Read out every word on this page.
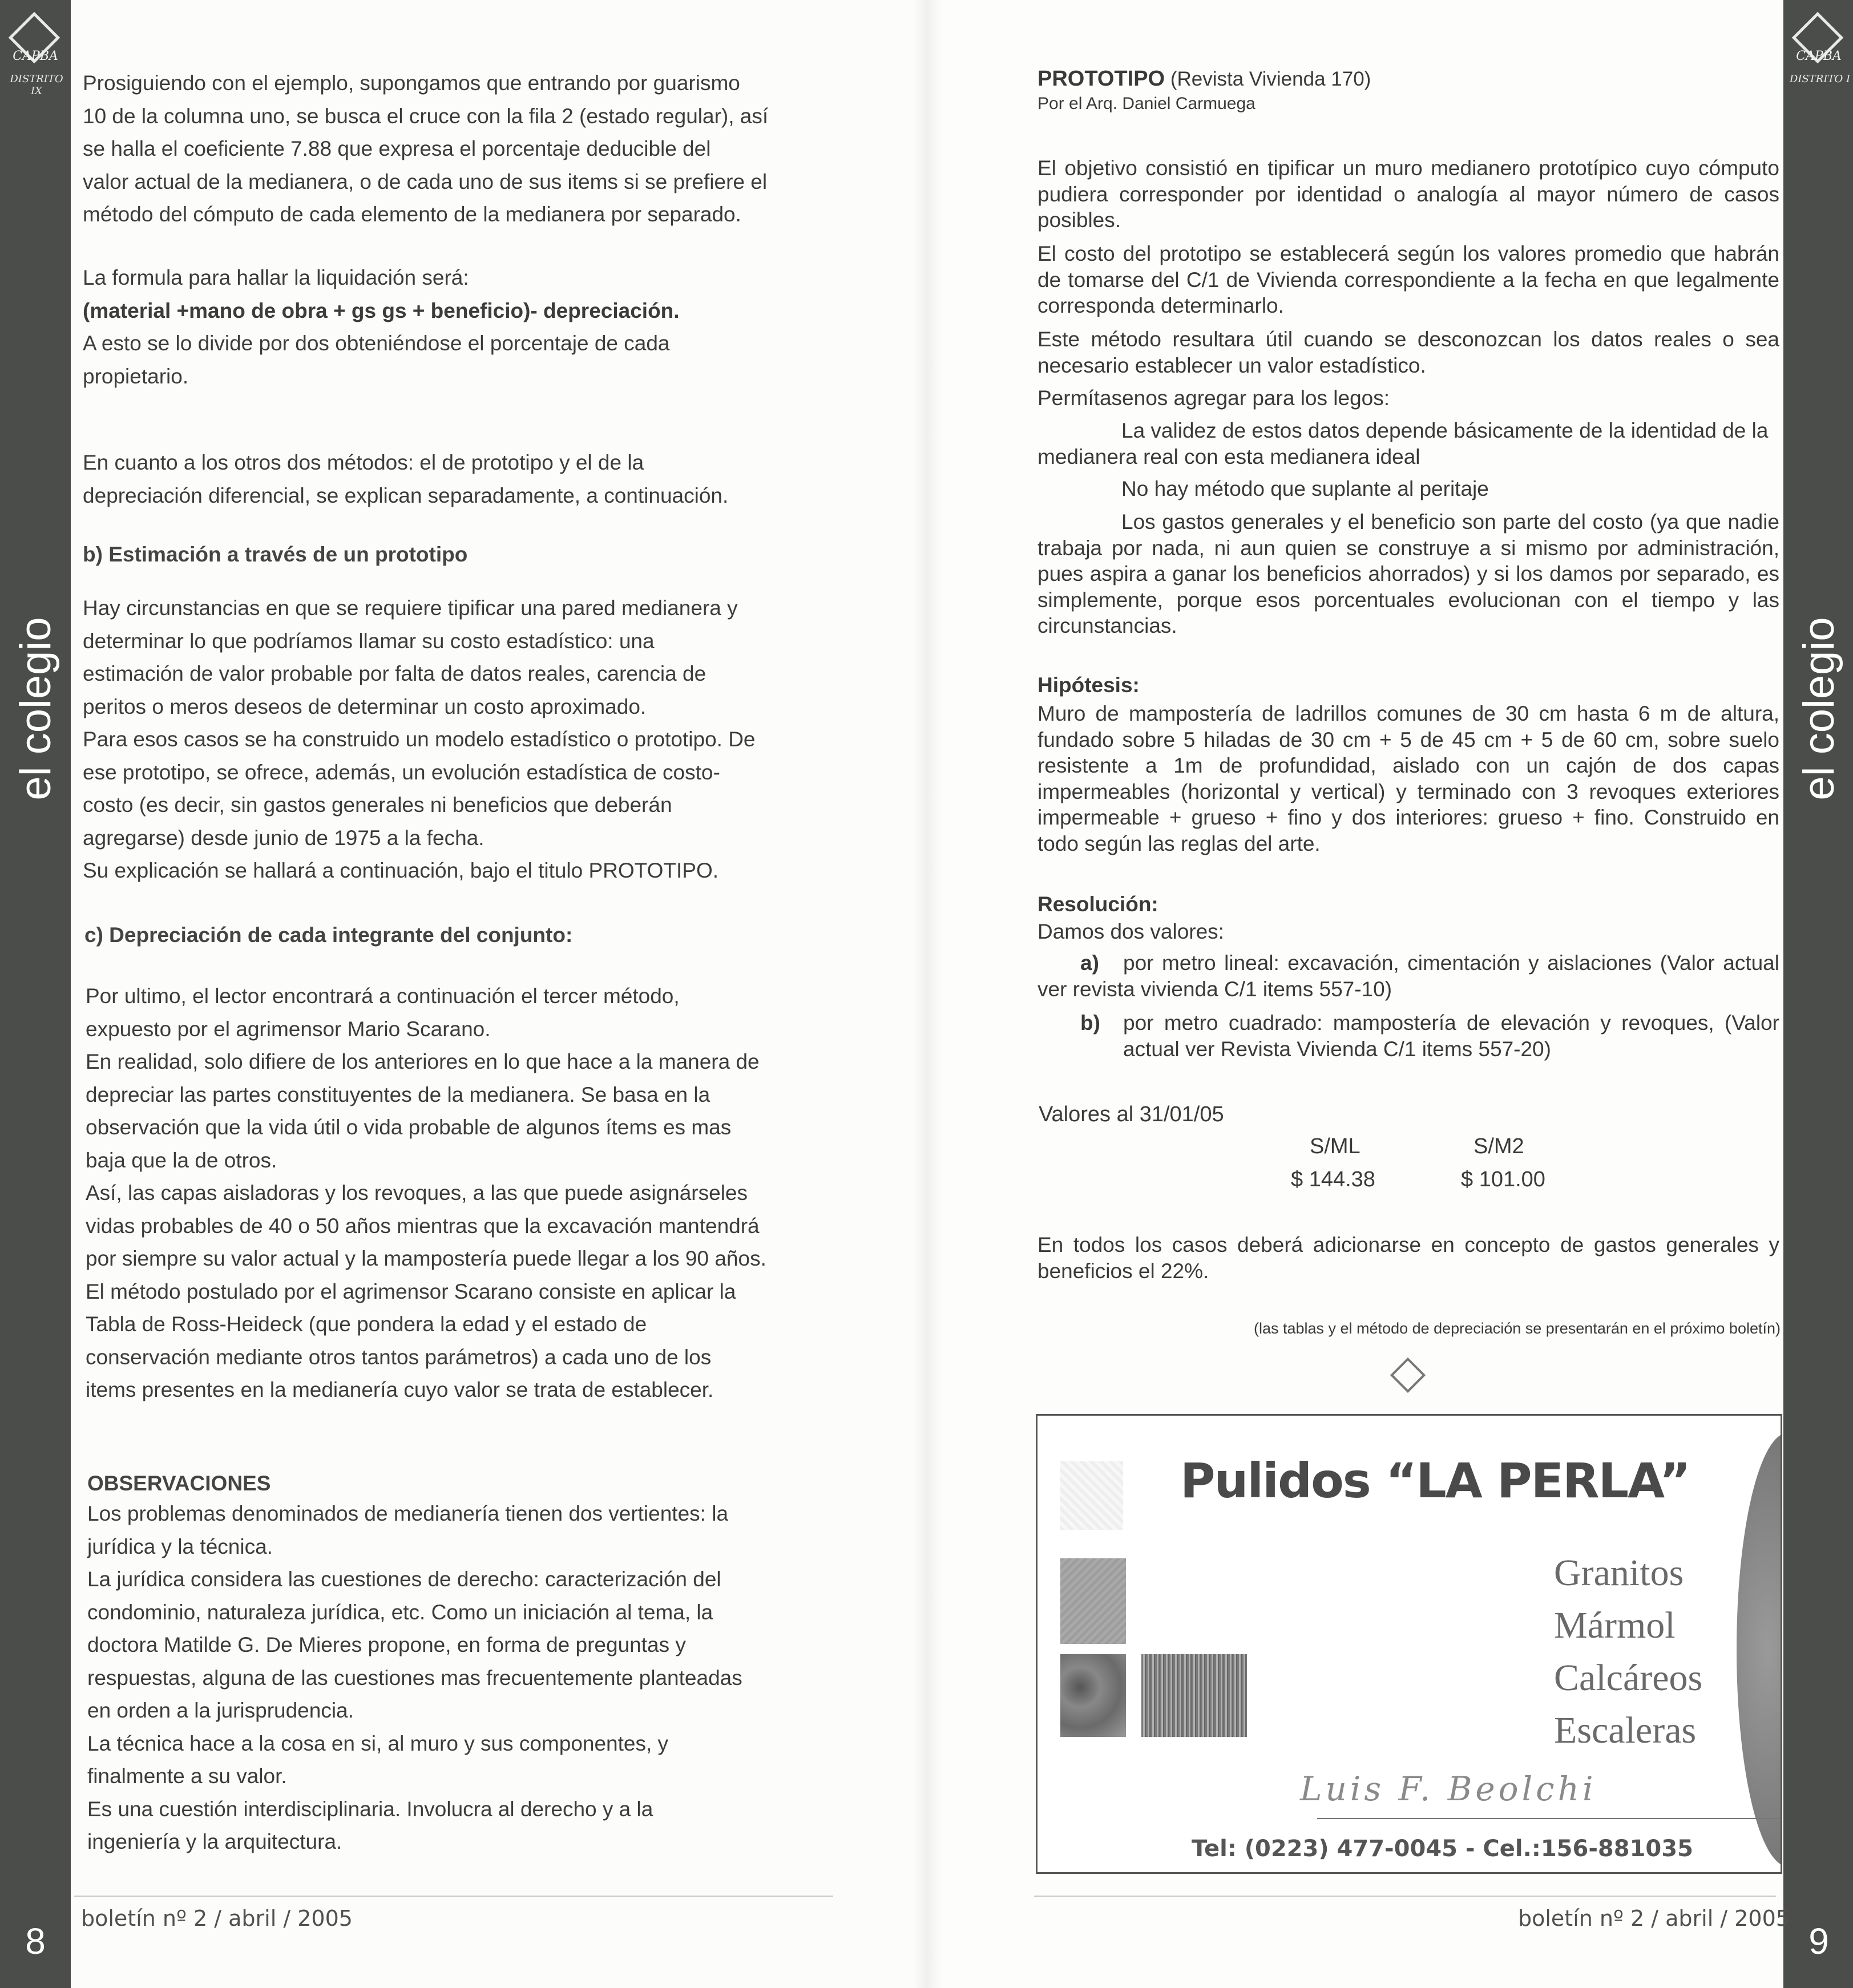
CAPBA
DISTRITO IX
el colegio
8
CAPBA
DISTRITO I
el colegio
9

Prosiguiendo con el ejemplo, supongamos que entrando por guarismo

10 de la columna uno, se busca el cruce con la fila 2 (estado regular), así

se halla el coeficiente 7.88 que expresa el porcentaje deducible del

valor actual de la medianera, o de cada uno de sus items si se prefiere el

método del cómputo de cada elemento de la medianera por separado.

La formula para hallar la liquidación será:

(material +mano de obra + gs gs + beneficio)- depreciación.

A esto se lo divide por dos obteniéndose el porcentaje de cada

propietario.

En cuanto a los otros dos métodos: el de prototipo y el de la

depreciación diferencial, se explican separadamente, a continuación.

b) Estimación a través de un prototipo

Hay circunstancias en que se requiere tipificar una pared medianera y

determinar lo que podríamos llamar su costo estadístico: una

estimación de valor probable por falta de datos reales, carencia de

peritos o meros deseos de determinar un costo aproximado.

Para esos casos se ha construido un modelo estadístico o prototipo. De

ese prototipo, se ofrece, además, un evolución estadística de costo-

costo (es decir, sin gastos generales ni beneficios que deberán

agregarse) desde junio de 1975 a la fecha.

Su explicación se hallará a continuación, bajo el titulo PROTOTIPO.

c) Depreciación de cada integrante del conjunto:

Por ultimo, el lector encontrará a continuación el tercer método,

expuesto por el agrimensor Mario Scarano.

En realidad, solo difiere de los anteriores en lo que hace a la manera de

depreciar las partes constituyentes de la medianera. Se basa en la

observación que la vida útil o vida probable de algunos ítems es mas

baja que la de otros.

Así, las capas aisladoras y los revoques, a las que puede asignárseles

vidas probables de 40 o 50 años mientras que la excavación mantendrá

por siempre su valor actual y la mampostería puede llegar a los 90 años.

El método postulado por el agrimensor Scarano consiste en aplicar la

Tabla de Ross-Heideck (que pondera la edad y el estado de

conservación mediante otros tantos parámetros) a cada uno de los

items presentes en la medianería cuyo valor se trata de establecer.

OBSERVACIONES

Los problemas denominados de medianería tienen dos vertientes: la

jurídica y la técnica.

La jurídica considera las cuestiones de derecho: caracterización del

condominio, naturaleza jurídica, etc. Como un iniciación al tema, la

doctora Matilde G. De Mieres propone, en forma de preguntas y

respuestas, alguna de las cuestiones mas frecuentemente planteadas

en orden a la jurisprudencia.

La técnica hace a la cosa en si, al muro y sus componentes, y

finalmente a su valor.

Es una cuestión interdisciplinaria. Involucra al derecho y a la

ingeniería y la arquitectura.

boletín nº 2 / abril / 2005

PROTOTIPO (Revista Vivienda 170)

Por el Arq. Daniel Carmuega

El objetivo consistió en tipificar un muro medianero prototípico cuyo cómputo pudiera corresponder por identidad o analogía al mayor número de casos posibles.
El costo del prototipo se establecerá según los valores promedio que habrán de tomarse del C/1 de Vivienda correspondiente a la fecha en que legalmente corresponda determinarlo.
Este método resultara útil cuando se desconozcan los datos reales o sea necesario establecer un valor estadístico.
Permítasenos agregar para los legos:
La validez de estos datos depende básicamente de la identidad de la medianera real con esta medianera ideal
No hay método que suplante al peritaje
Los gastos generales y el beneficio son parte del costo (ya que nadie trabaja por nada, ni aun quien se construye a si mismo por administración, pues aspira a ganar los beneficios ahorrados) y si los damos por separado, es simplemente, porque esos porcentuales evolucionan con el tiempo y las circunstancias.
Hipótesis:
Muro de mampostería de ladrillos comunes de 30 cm hasta 6 m de altura, fundado sobre 5 hiladas de 30 cm + 5 de 45 cm + 5 de 60 cm, sobre suelo resistente a 1m de profundidad, aislado con un cajón de dos capas impermeables (horizontal y vertical) y terminado con 3 revoques exteriores impermeable + grueso + fino y dos interiores: grueso + fino. Construido en todo según las reglas del arte.
Resolución:
Damos dos valores:
a)	por metro lineal: excavación, cimentación y aislaciones (Valor actual ver revista vivienda C/1 items 557-10)
b) por metro cuadrado: mampostería de elevación y revoques, (Valor actual ver Revista Vivienda C/1 items 557-20)
Valores al 31/01/05
S/ML	S/M2
$ 144.38	$ 101.00
En todos los casos deberá adicionarse en concepto de gastos generales y beneficios el 22%.
(las tablas y el método de depreciación se presentarán en el próximo boletín)
Pulidos “LA PERLA”
Granitos
Mármol
Calcáreos
Escaleras
Luis F. Beolchi
Tel: (0223) 477-0045 - Cel.:156-881035
boletín nº 2 / abril / 2005
